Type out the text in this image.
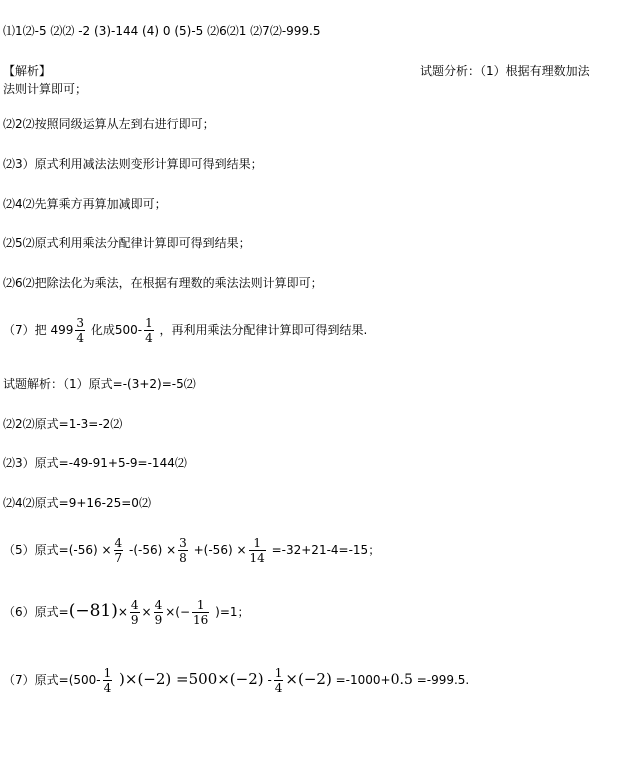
⑴1⑵-5 ⑵⑵ -2 (3)-144 (4) 0 (5)-5 ⑵6⑵1 ⑵7⑵-999.5
【解析】	试题分析：（1）根据有理数加法
法则计算即可；
⑵2⑵按照同级运算从左到右进行即可；
⑵3）原式利用减法法则变形计算即可得到结果；
⑵4⑵先算乘方再算加减即可；
⑵5⑵原式利用乘法分配律计算即可得到结果；
⑵6⑵把除法化为乘法，在根据有理数的乘法法则计算即可；
（7）把 $499 \frac{3}{4}$ 化成$500- \frac{1}{4}$ ，再利用乘法分配律计算即可得到结果.
试题解析：（1）原式=-(3+2)=-5⑵
⑵2⑵原式=1-3=-2⑵
⑵3）原式=-49-91+5-9=-144⑵
⑵4⑵原式=9+16-25=0⑵
（5）原式$=(-56) \times \frac{4}{7} -(-56) \times \frac{3}{8} +(-56) \times \frac{1}{14} =-32+21-4=-15$；
（6）原式$=(-81)\times \frac{4}{9} \times \frac{4}{9}$ ×(− $\frac{1}{16} )=1$；
（7）原式$=(500- \frac{1}{4} )\times(-2) =500\times(-2) - \frac{1}{4} \times(-2) =-1000+0.5 =-999.5$.
